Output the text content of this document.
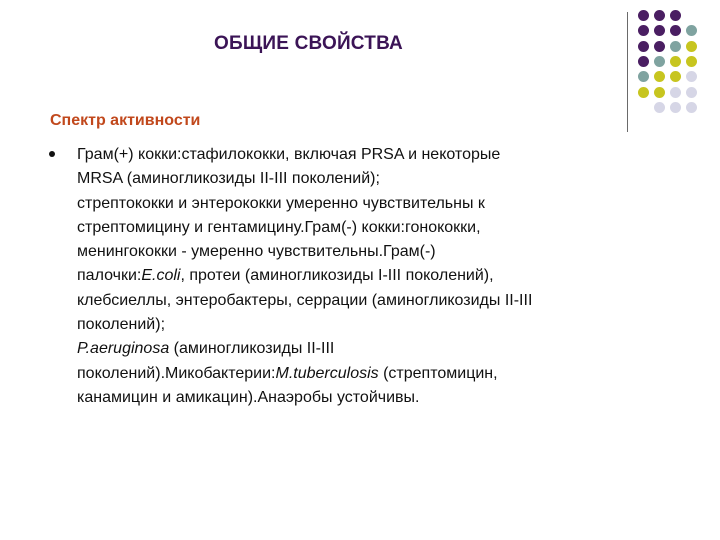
ОБЩИЕ СВОЙСТВА
Спектр активности
Грам(+) кокки:стафилококки, включая PRSA и некоторые
MRSA (аминогликозиды II-III поколений);
стрептококки и энтерококки умеренно чувствительны к
стрептомицину и гентамицину.Грам(-) кокки:гонококки,
менингококки - умеренно чувствительны.Грам(-)
палочки:E.coli, протеи (аминогликозиды I-III поколений),
клебсиеллы, энтеробактеры, серрации (аминогликозиды II-III
поколений);
P.aeruginosa (аминогликозиды II-III
поколений).Микобактерии:M.tuberculosis (стрептомицин,
канамицин и амикацин).Анаэробы устойчивы.
